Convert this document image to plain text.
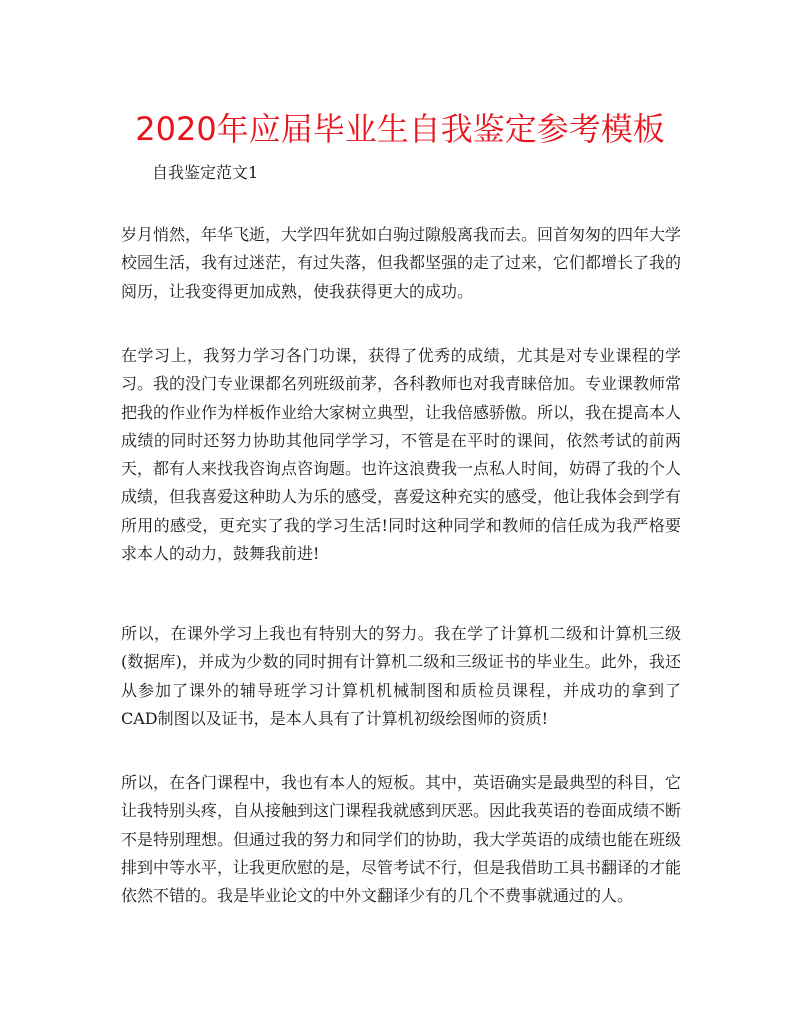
2020年应届毕业生自我鉴定参考模板

自我鉴定范文1

岁月悄然，年华飞逝，大学四年犹如白驹过隙般离我而去。回首匆匆的四年大学校园生活，我有过迷茫，有过失落，但我都坚强的走了过来，它们都增长了我的阅历，让我变得更加成熟，使我获得更大的成功。

在学习上，我努力学习各门功课，获得了优秀的成绩，尤其是对专业课程的学习。我的没门专业课都名列班级前茅，各科教师也对我青睐倍加。专业课教师常把我的作业作为样板作业给大家树立典型，让我倍感骄傲。所以，我在提高本人成绩的同时还努力协助其他同学学习，不管是在平时的课间，依然考试的前两天，都有人来找我咨询点咨询题。也许这浪费我一点私人时间，妨碍了我的个人成绩，但我喜爱这种助人为乐的感受，喜爱这种充实的感受，他让我体会到学有所用的感受，更充实了我的学习生活!同时这种同学和教师的信任成为我严格要求本人的动力，鼓舞我前进!

所以，在课外学习上我也有特别大的努力。我在学了计算机二级和计算机三级(数据库)，并成为少数的同时拥有计算机二级和三级证书的毕业生。此外，我还从参加了课外的辅导班学习计算机机械制图和质检员课程，并成功的拿到了CAD制图以及证书，是本人具有了计算机初级绘图师的资质!

所以，在各门课程中，我也有本人的短板。其中，英语确实是最典型的科目，它让我特别头疼，自从接触到这门课程我就感到厌恶。因此我英语的卷面成绩不断不是特别理想。但通过我的努力和同学们的协助，我大学英语的成绩也能在班级排到中等水平，让我更欣慰的是，尽管考试不行，但是我借助工具书翻译的才能依然不错的。我是毕业论文的中外文翻译少有的几个不费事就通过的人。
